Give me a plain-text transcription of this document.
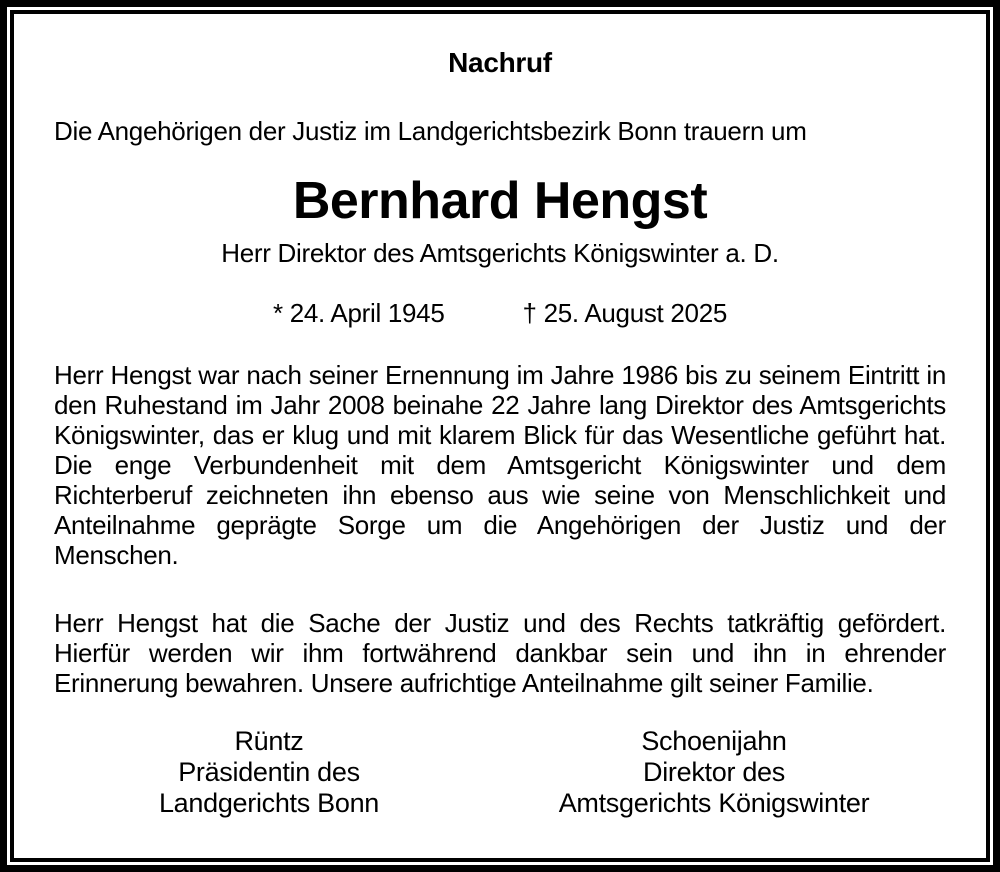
Nachruf
Die Angehörigen der Justiz im Landgerichtsbezirk Bonn trauern um
Bernhard Hengst
Herr Direktor des Amtsgerichts Königswinter a. D.
* 24. April 1945	† 25. August 2025
Herr Hengst war nach seiner Ernennung im Jahre 1986 bis zu seinem Eintritt in den Ruhestand im Jahr 2008 beinahe 22 Jahre lang Direktor des Amtsgerichts Königswinter, das er klug und mit klarem Blick für das Wesentliche geführt hat. Die enge Verbundenheit mit dem Amtsgericht Königswinter und dem Richterberuf zeichneten ihn ebenso aus wie seine von Menschlichkeit und Anteilnahme geprägte Sorge um die Angehörigen der Justiz und der Menschen.
Herr Hengst hat die Sache der Justiz und des Rechts tatkräftig gefördert. Hierfür werden wir ihm fortwährend dankbar sein und ihn in ehrender Erinnerung bewahren. Unsere aufrichtige Anteilnahme gilt seiner Familie.
Rüntz
Präsidentin des
Landgerichts Bonn
Schoenijahn
Direktor des
Amtsgerichts Königswinter
